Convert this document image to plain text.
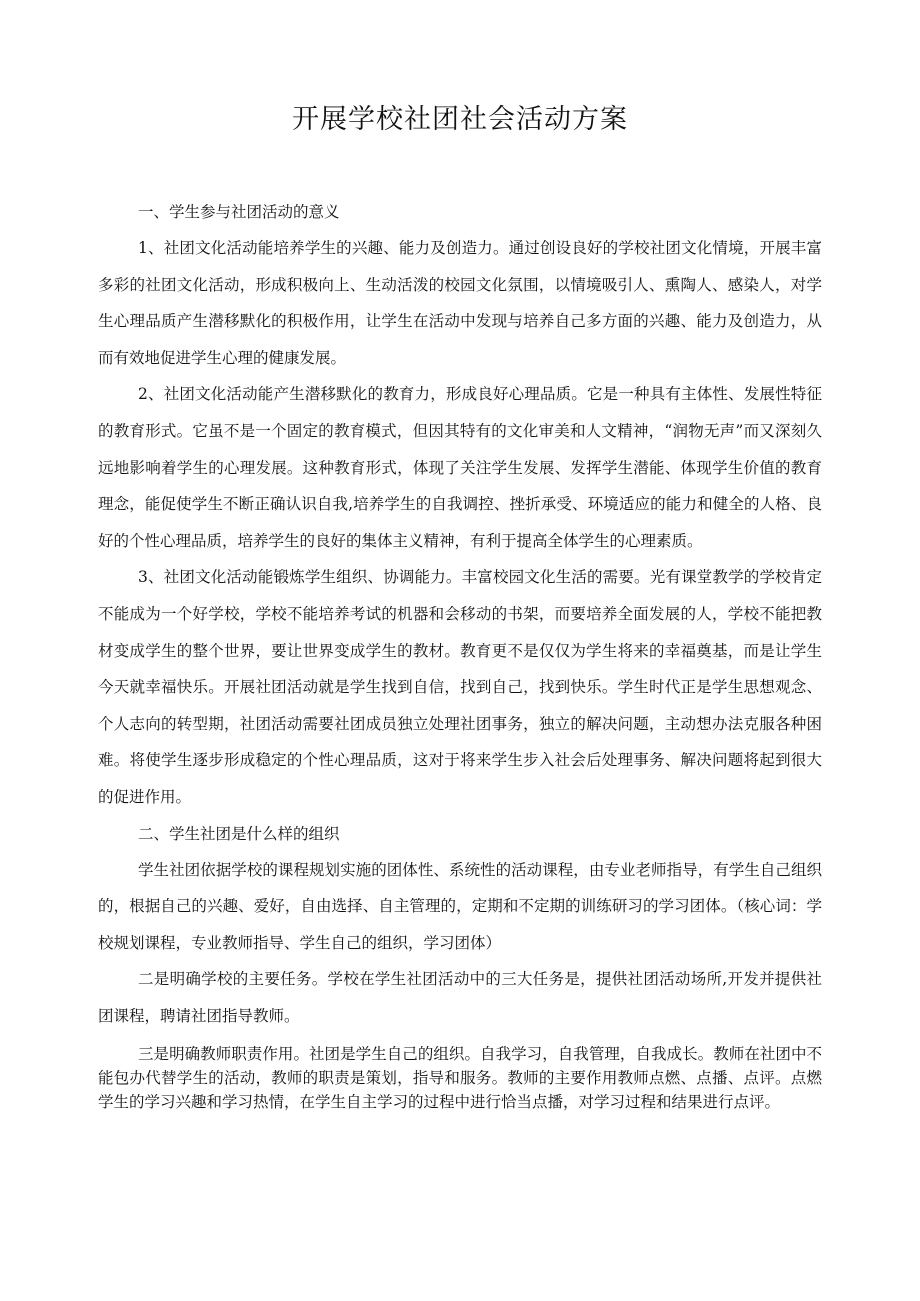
开展学校社团社会活动方案

一、学生参与社团活动的意义

1、社团文化活动能培养学生的兴趣、能力及创造力。通过创设良好的学校社团文化情境，开展丰富多彩的社团文化活动，形成积极向上、生动活泼的校园文化氛围，以情境吸引人、熏陶人、感染人，对学生心理品质产生潜移默化的积极作用，让学生在活动中发现与培养自己多方面的兴趣、能力及创造力，从而有效地促进学生心理的健康发展。

2、社团文化活动能产生潜移默化的教育力，形成良好心理品质。它是一种具有主体性、发展性特征的教育形式。它虽不是一个固定的教育模式，但因其特有的文化审美和人文精神，“润物无声”而又深刻久远地影响着学生的心理发展。这种教育形式，体现了关注学生发展、发挥学生潜能、体现学生价值的教育理念，能促使学生不断正确认识自我,培养学生的自我调控、挫折承受、环境适应的能力和健全的人格、良好的个性心理品质，培养学生的良好的集体主义精神，有利于提高全体学生的心理素质。

3、社团文化活动能锻炼学生组织、协调能力。丰富校园文化生活的需要。光有课堂教学的学校肯定不能成为一个好学校，学校不能培养考试的机器和会移动的书架，而要培养全面发展的人，学校不能把教材变成学生的整个世界，要让世界变成学生的教材。教育更不是仅仅为学生将来的幸福奠基，而是让学生今天就幸福快乐。开展社团活动就是学生找到自信，找到自己，找到快乐。学生时代正是学生思想观念、个人志向的转型期，社团活动需要社团成员独立处理社团事务，独立的解决问题，主动想办法克服各种困难。将使学生逐步形成稳定的个性心理品质，这对于将来学生步入社会后处理事务、解决问题将起到很大的促进作用。

二、学生社团是什么样的组织

学生社团依据学校的课程规划实施的团体性、系统性的活动课程，由专业老师指导，有学生自己组织的，根据自己的兴趣、爱好，自由选择、自主管理的，定期和不定期的训练研习的学习团体。（核心词：学校规划课程，专业教师指导、学生自己的组织，学习团体）

二是明确学校的主要任务。学校在学生社团活动中的三大任务是，提供社团活动场所,开发并提供社团课程，聘请社团指导教师。

三是明确教师职责作用。社团是学生自己的组织。自我学习，自我管理，自我成长。教师在社团中不能包办代替学生的活动，教师的职责是策划，指导和服务。教师的主要作用教师点燃、点播、点评。点燃学生的学习兴趣和学习热情，在学生自主学习的过程中进行恰当点播，对学习过程和结果进行点评。
